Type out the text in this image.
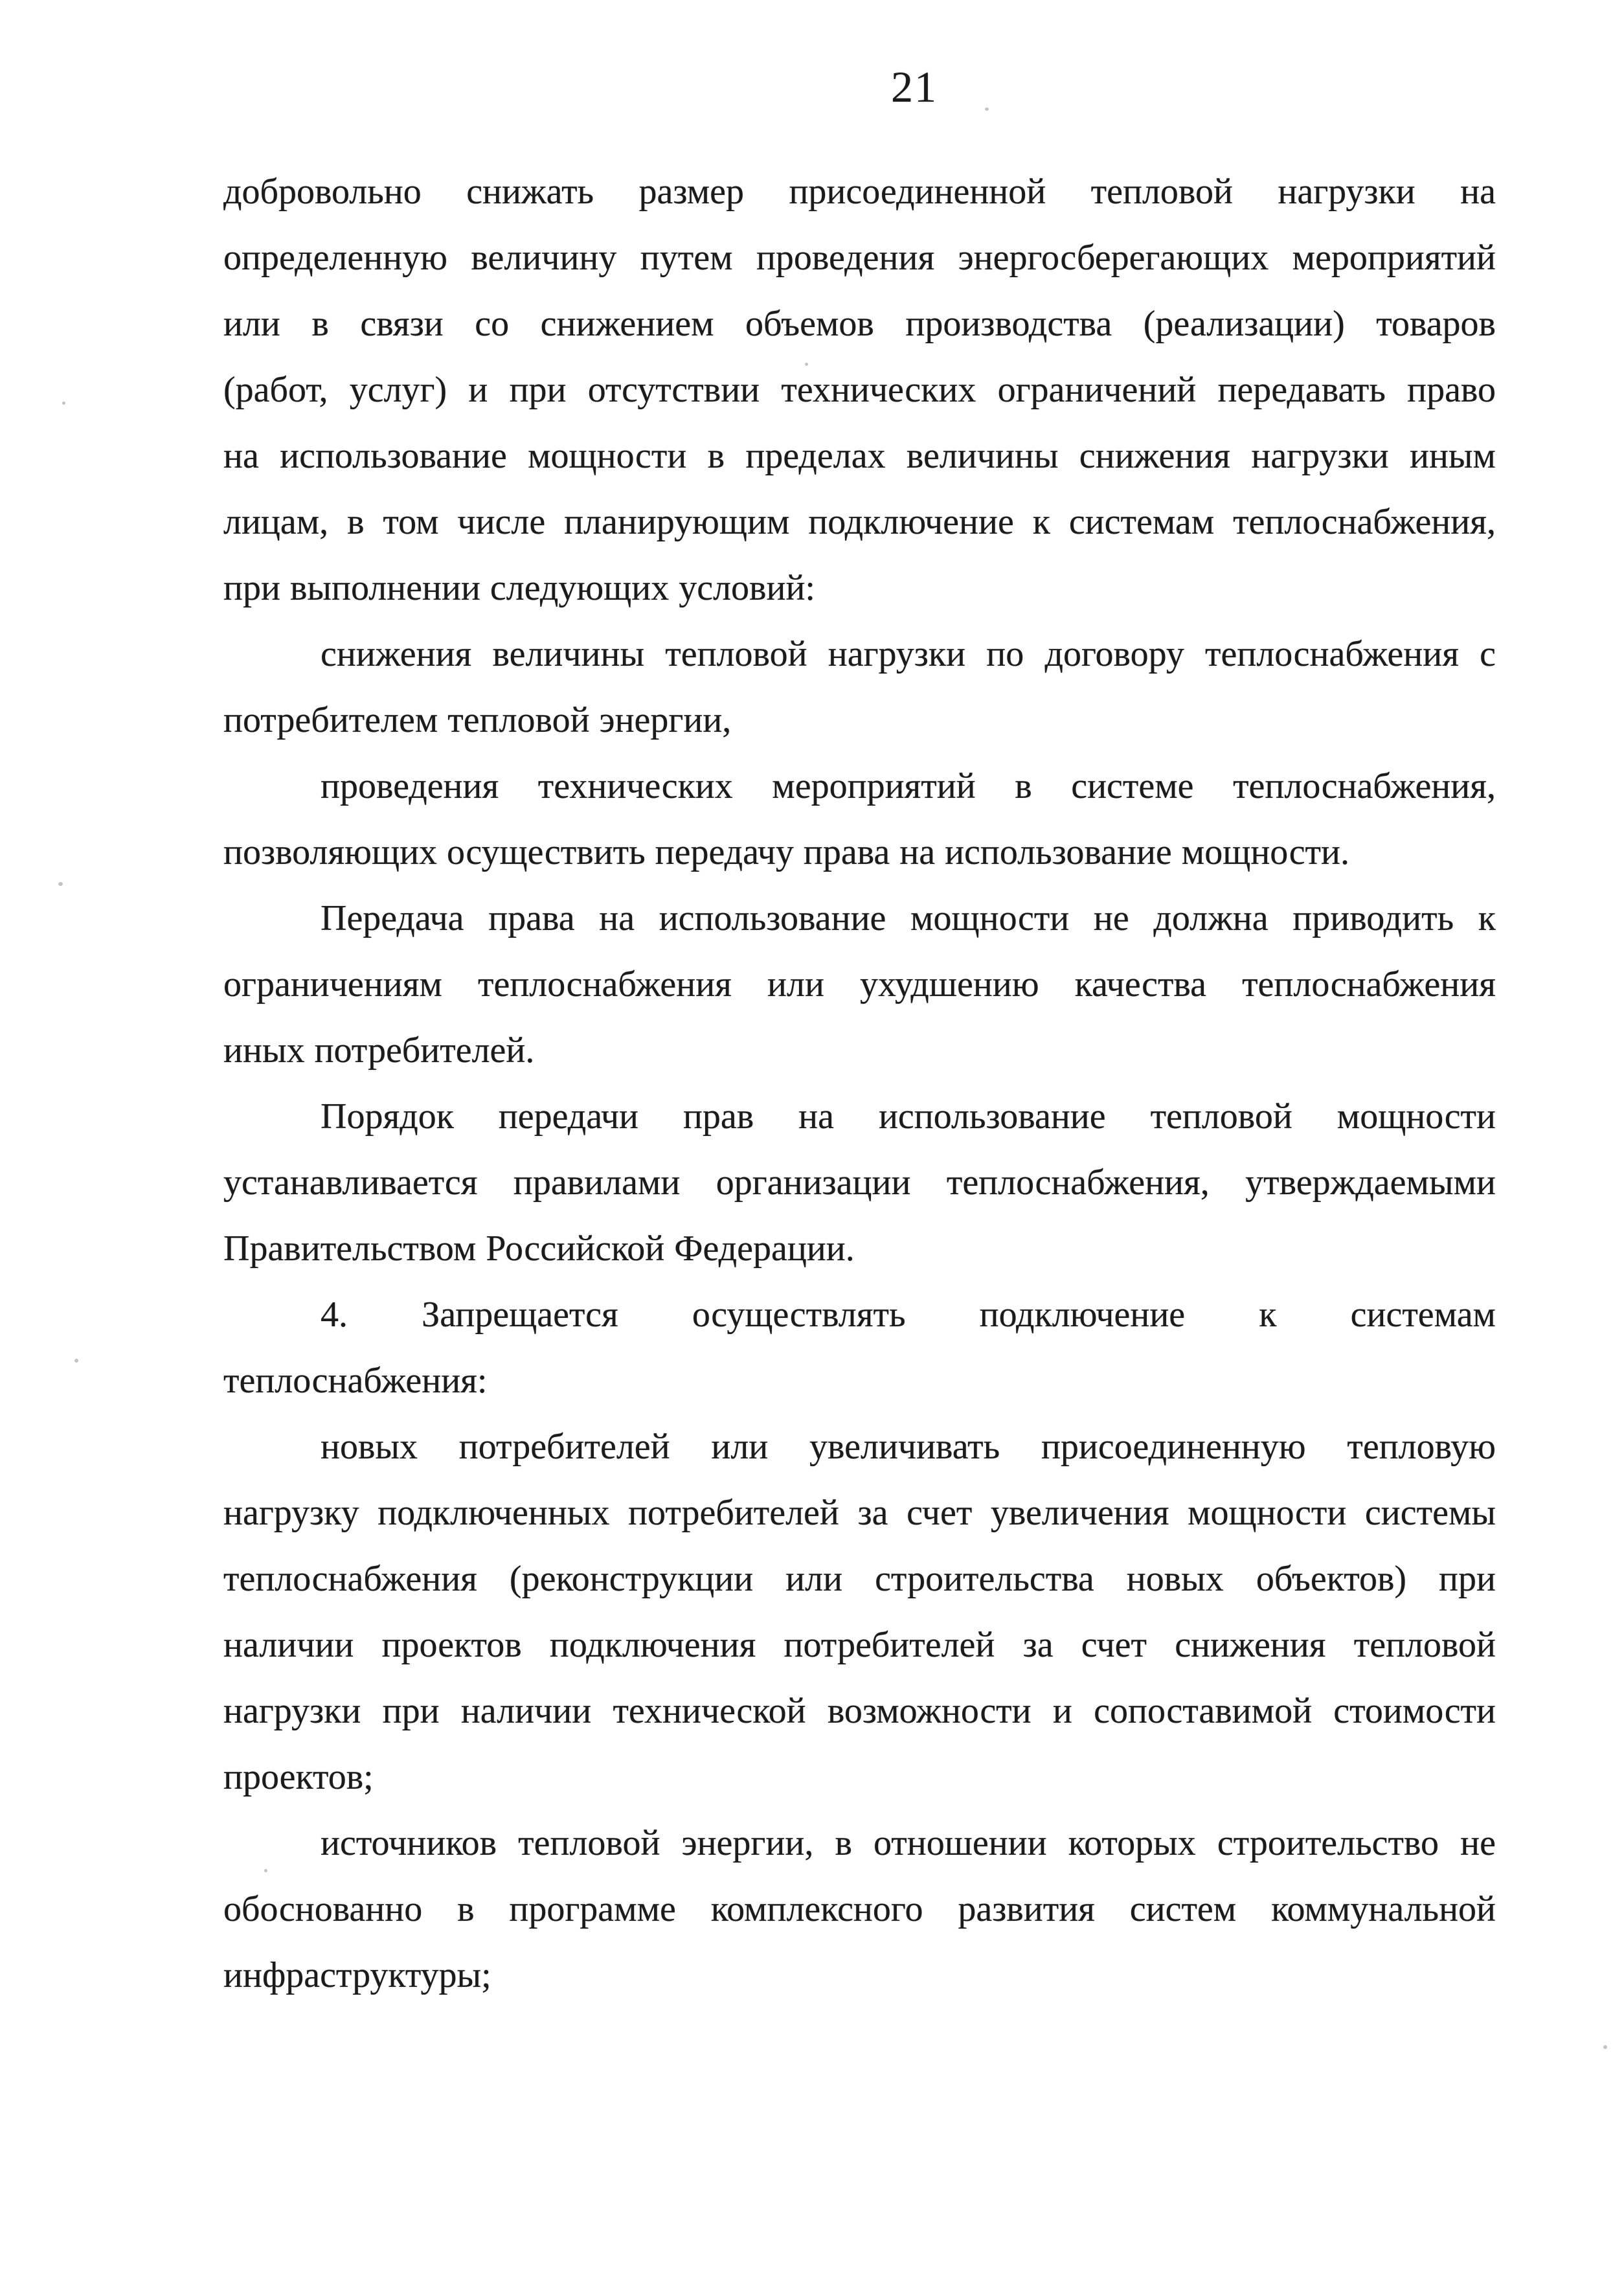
21
добровольно снижать размер присоединенной тепловой нагрузки на
определенную величину путем проведения энергосберегающих мероприятий
или в связи со снижением объемов производства (реализации) товаров
(работ, услуг) и при отсутствии технических ограничений передавать право
на использование мощности в пределах величины снижения нагрузки иным
лицам, в том числе планирующим подключение к системам теплоснабжения,
при выполнении следующих условий:
снижения величины тепловой нагрузки по договору теплоснабжения с
потребителем тепловой энергии,
проведения технических мероприятий в системе теплоснабжения,
позволяющих осуществить передачу права на использование мощности.
Передача права на использование мощности не должна приводить к
ограничениям теплоснабжения или ухудшению качества теплоснабжения
иных потребителей.
Порядок передачи прав на использование тепловой мощности
устанавливается правилами организации теплоснабжения, утверждаемыми
Правительством Российской Федерации.
4. Запрещается осуществлять подключение к системам
теплоснабжения:
новых потребителей или увеличивать присоединенную тепловую
нагрузку подключенных потребителей за счет увеличения мощности системы
теплоснабжения (реконструкции или строительства новых объектов) при
наличии проектов подключения потребителей за счет снижения тепловой
нагрузки при наличии технической возможности и сопоставимой стоимости
проектов;
источников тепловой энергии, в отношении которых строительство не
обоснованно в программе комплексного развития систем коммунальной
инфраструктуры;
